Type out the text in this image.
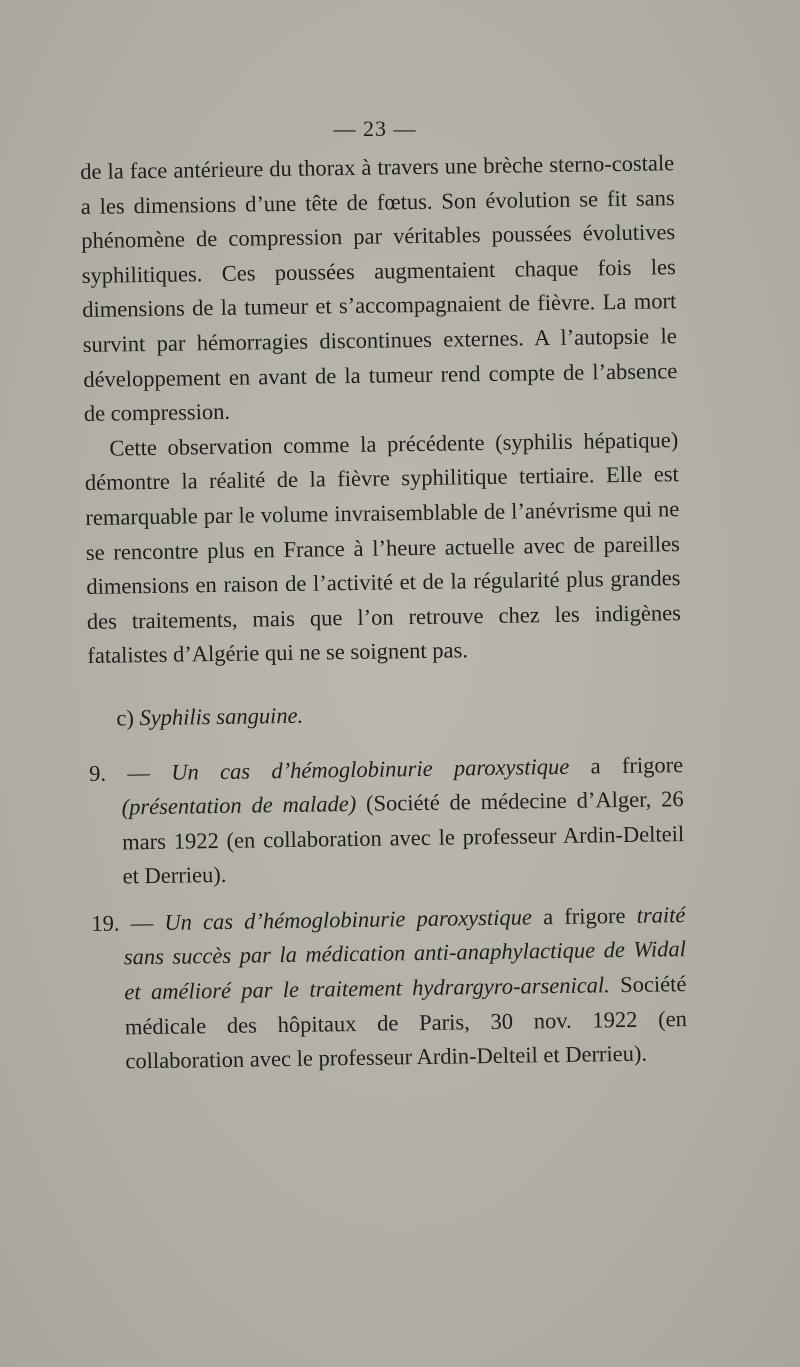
— 23 —

de la face antérieure du thorax à travers une brèche sterno-costale a les dimensions d’une tête de fœtus. Son évolution se fit sans phénomène de compression par véritables poussées évolutives syphilitiques. Ces poussées augmentaient chaque fois les dimensions de la tumeur et s’accompagnaient de fièvre. La mort survint par hémorragies discontinues externes. A l’autopsie le développement en avant de la tumeur rend compte de l’absence de compression.

Cette observation comme la précédente (syphilis hépatique) démontre la réalité de la fièvre syphilitique tertiaire. Elle est remarquable par le volume invraisemblable de l’anévrisme qui ne se rencontre plus en France à l’heure actuelle avec de pareilles dimensions en raison de l’activité et de la régularité plus grandes des traitements, mais que l’on retrouve chez les indigènes fatalistes d’Algérie qui ne se soignent pas.

c) Syphilis sanguine.

9. — Un cas d’hémoglobinurie paroxystique a frigore (présentation de malade) (Société de médecine d’Alger, 26 mars 1922 (en collaboration avec le professeur Ardin-Delteil et Derrieu).

19. — Un cas d’hémoglobinurie paroxystique a frigore traité sans succès par la médication anti-anaphylactique de Widal et amélioré par le traitement hydrargyro-arsenical. Société médicale des hôpitaux de Paris, 30 nov. 1922 (en collaboration avec le professeur Ardin-Delteil et Derrieu).
